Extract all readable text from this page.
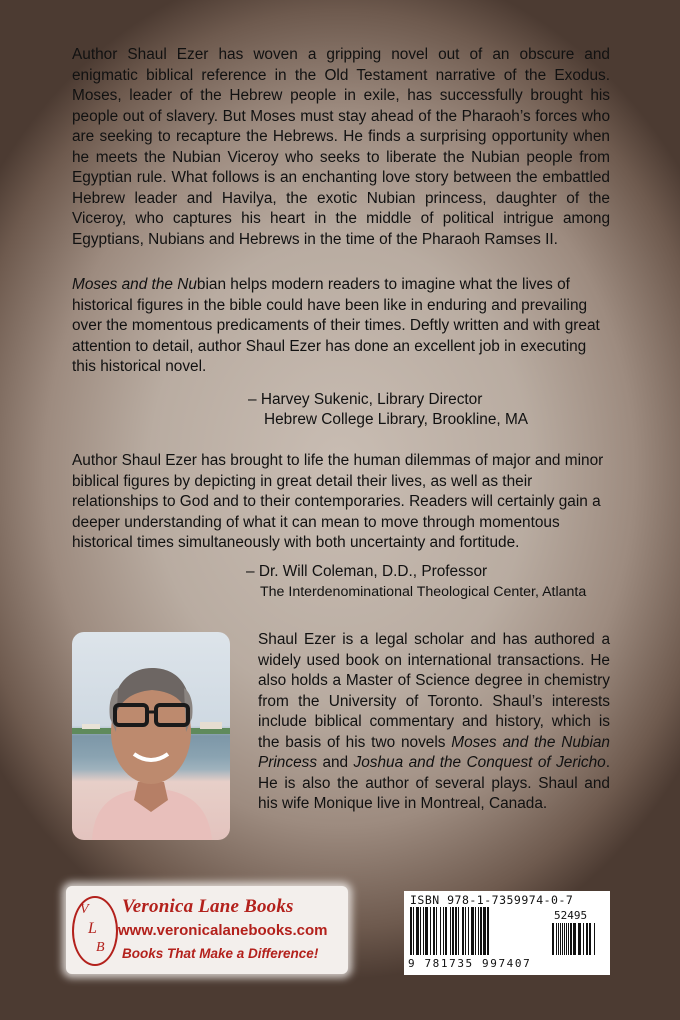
Author Shaul Ezer has woven a gripping novel out of an obscure and enigmatic biblical reference in the Old Testament narrative of the Exodus. Moses, leader of the Hebrew people in exile, has successfully brought his people out of slavery. But Moses must stay ahead of the Pharaoh’s forces who are seeking to recapture the Hebrews. He finds a surprising opportunity when he meets the Nubian Viceroy who seeks to liberate the Nubian people from Egyptian rule. What follows is an enchanting love story between the embattled Hebrew leader and Havilya, the exotic Nubian princess, daughter of the Viceroy, who captures his heart in the middle of political intrigue among Egyptians, Nubians and Hebrews in the time of the Pharaoh Ramses II.

Moses and the Nubian helps modern readers to imagine what the lives of historical figures in the bible could have been like in enduring and prevailing over the momentous predicaments of their times. Deftly written and with great attention to detail, author Shaul Ezer has done an excellent job in executing this historical novel.

– Harvey Sukenic, Library Director
Hebrew College Library, Brookline, MA

Author Shaul Ezer has brought to life the human dilemmas of major and minor biblical figures by depicting in great detail their lives, as well as their relationships to God and to their contemporaries. Readers will certainly gain a deeper understanding of what it can mean to move through momentous historical times simultaneously with both uncertainty and fortitude.

– Dr. Will Coleman, D.D., Professor
The Interdenominational Theological Center, Atlanta

Shaul Ezer is a legal scholar and has authored a widely used book on international transactions. He also holds a Master of Science degree in chemistry from the University of Toronto. Shaul’s interests include biblical commentary and history, which is the basis of his two novels Moses and the Nubian Princess and Joshua and the Conquest of Jericho. He is also the author of several plays. Shaul and his wife Monique live in Montreal, Canada.

V
L
B
Veronica Lane Books
www.veronicalanebooks.com
Books That Make a Difference!
ISBN 978-1-7359974-0-7
52495
9 781735 997407
